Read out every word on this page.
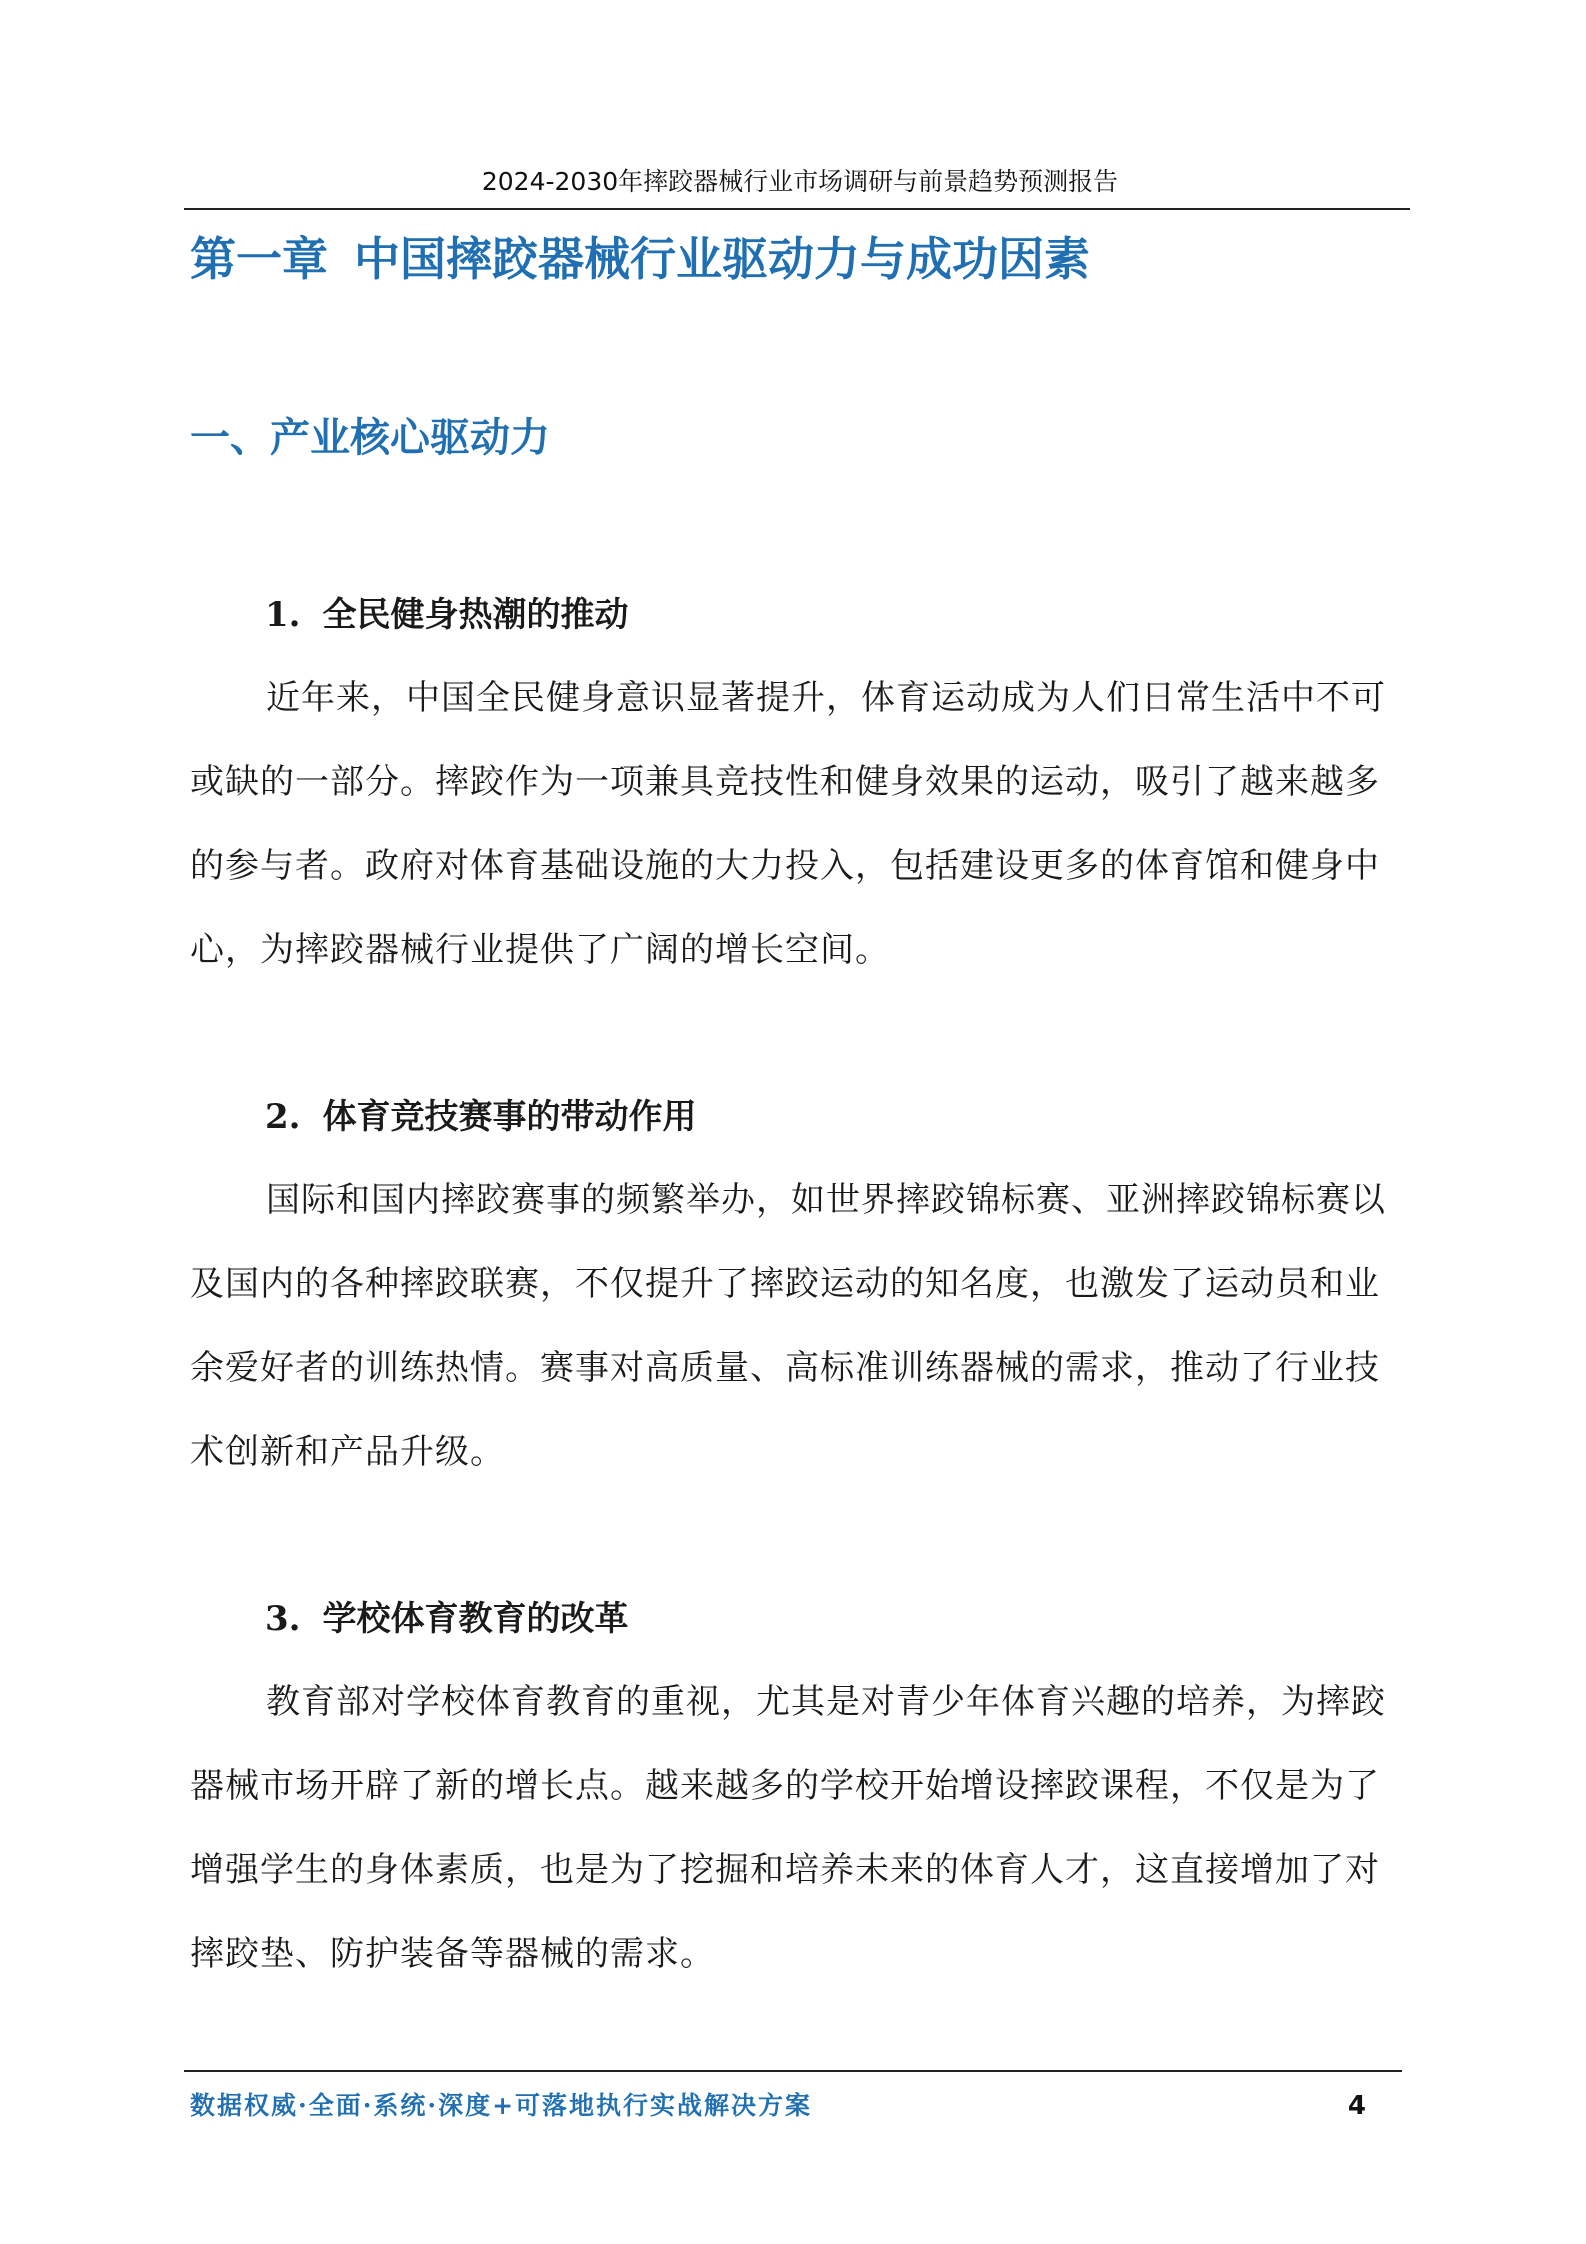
2024-2030年摔跤器械行业市场调研与前景趋势预测报告
第一章 中国摔跤器械行业驱动力与成功因素
一、产业核心驱动力
1. 全民健身热潮的推动

近年来，中国全民健身意识显著提升，体育运动成为人们日常生活中不可或缺的一部分。摔跤作为一项兼具竞技性和健身效果的运动，吸引了越来越多的参与者。政府对体育基础设施的大力投入，包括建设更多的体育馆和健身中心，为摔跤器械行业提供了广阔的增长空间。

2. 体育竞技赛事的带动作用

国际和国内摔跤赛事的频繁举办，如世界摔跤锦标赛、亚洲摔跤锦标赛以及国内的各种摔跤联赛，不仅提升了摔跤运动的知名度，也激发了运动员和业余爱好者的训练热情。赛事对高质量、高标准训练器械的需求，推动了行业技术创新和产品升级。

3. 学校体育教育的改革

教育部对学校体育教育的重视，尤其是对青少年体育兴趣的培养，为摔跤器械市场开辟了新的增长点。越来越多的学校开始增设摔跤课程，不仅是为了增强学生的身体素质，也是为了挖掘和培养未来的体育人才，这直接增加了对摔跤垫、防护装备等器械的需求。

数据权威·全面·系统·深度+可落地执行实战解决方案	4
